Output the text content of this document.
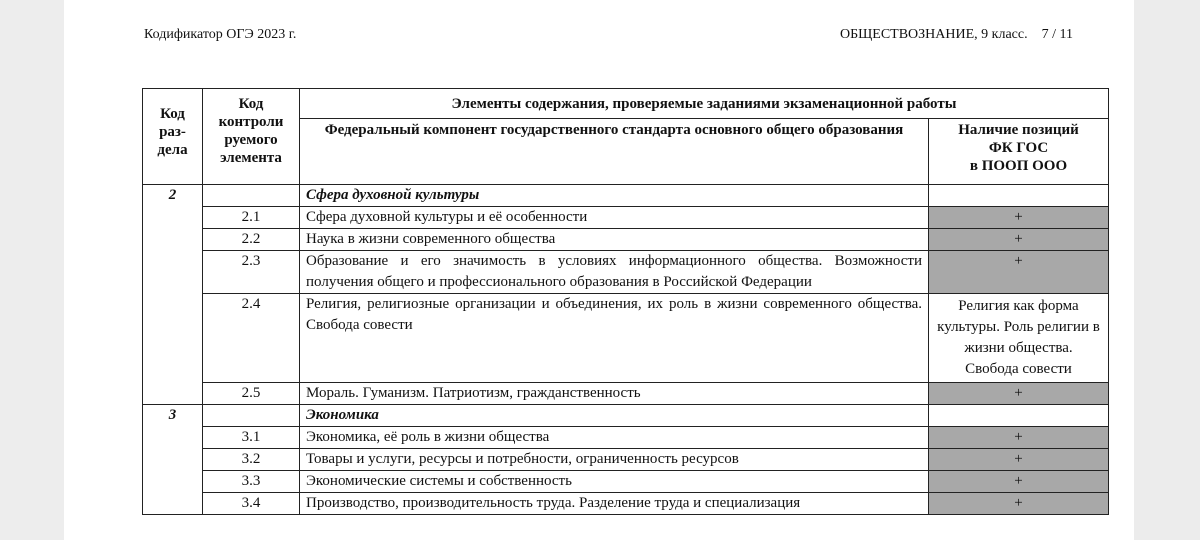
Кодификатор ОГЭ 2023 г.	ОБЩЕСТВОЗНАНИЕ, 9 класс.    7 / 11
Код
раз-
дела	Код
контроли
руемого
элемента	Элементы содержания, проверяемые заданиями экзаменационной работы	
		Федеральный компонент государственного стандарта основного общего образования	Наличие позиций
ФК ГОС
в ПООП ООО
2		Сфера духовной культуры	
	2.1	Сфера духовной культуры и её особенности	+
	2.2	Наука в жизни современного общества	+
	2.3	Образование и его значимость в условиях информационного общества. Возможности получения общего и профессионального образования в Российской Федерации	+
	2.4	Религия, религиозные организации и объединения, их роль в жизни современного общества. Свобода совести	Религия как форма культуры. Роль религии в жизни общества. Свобода совести
	2.5	Мораль. Гуманизм. Патриотизм, гражданственность	+
3		Экономика	
	3.1	Экономика, её роль в жизни общества	+
	3.2	Товары и услуги, ресурсы и потребности, ограниченность ресурсов	+
	3.3	Экономические системы и собственность	+
	3.4	Производство, производительность труда. Разделение труда и специализация	+
